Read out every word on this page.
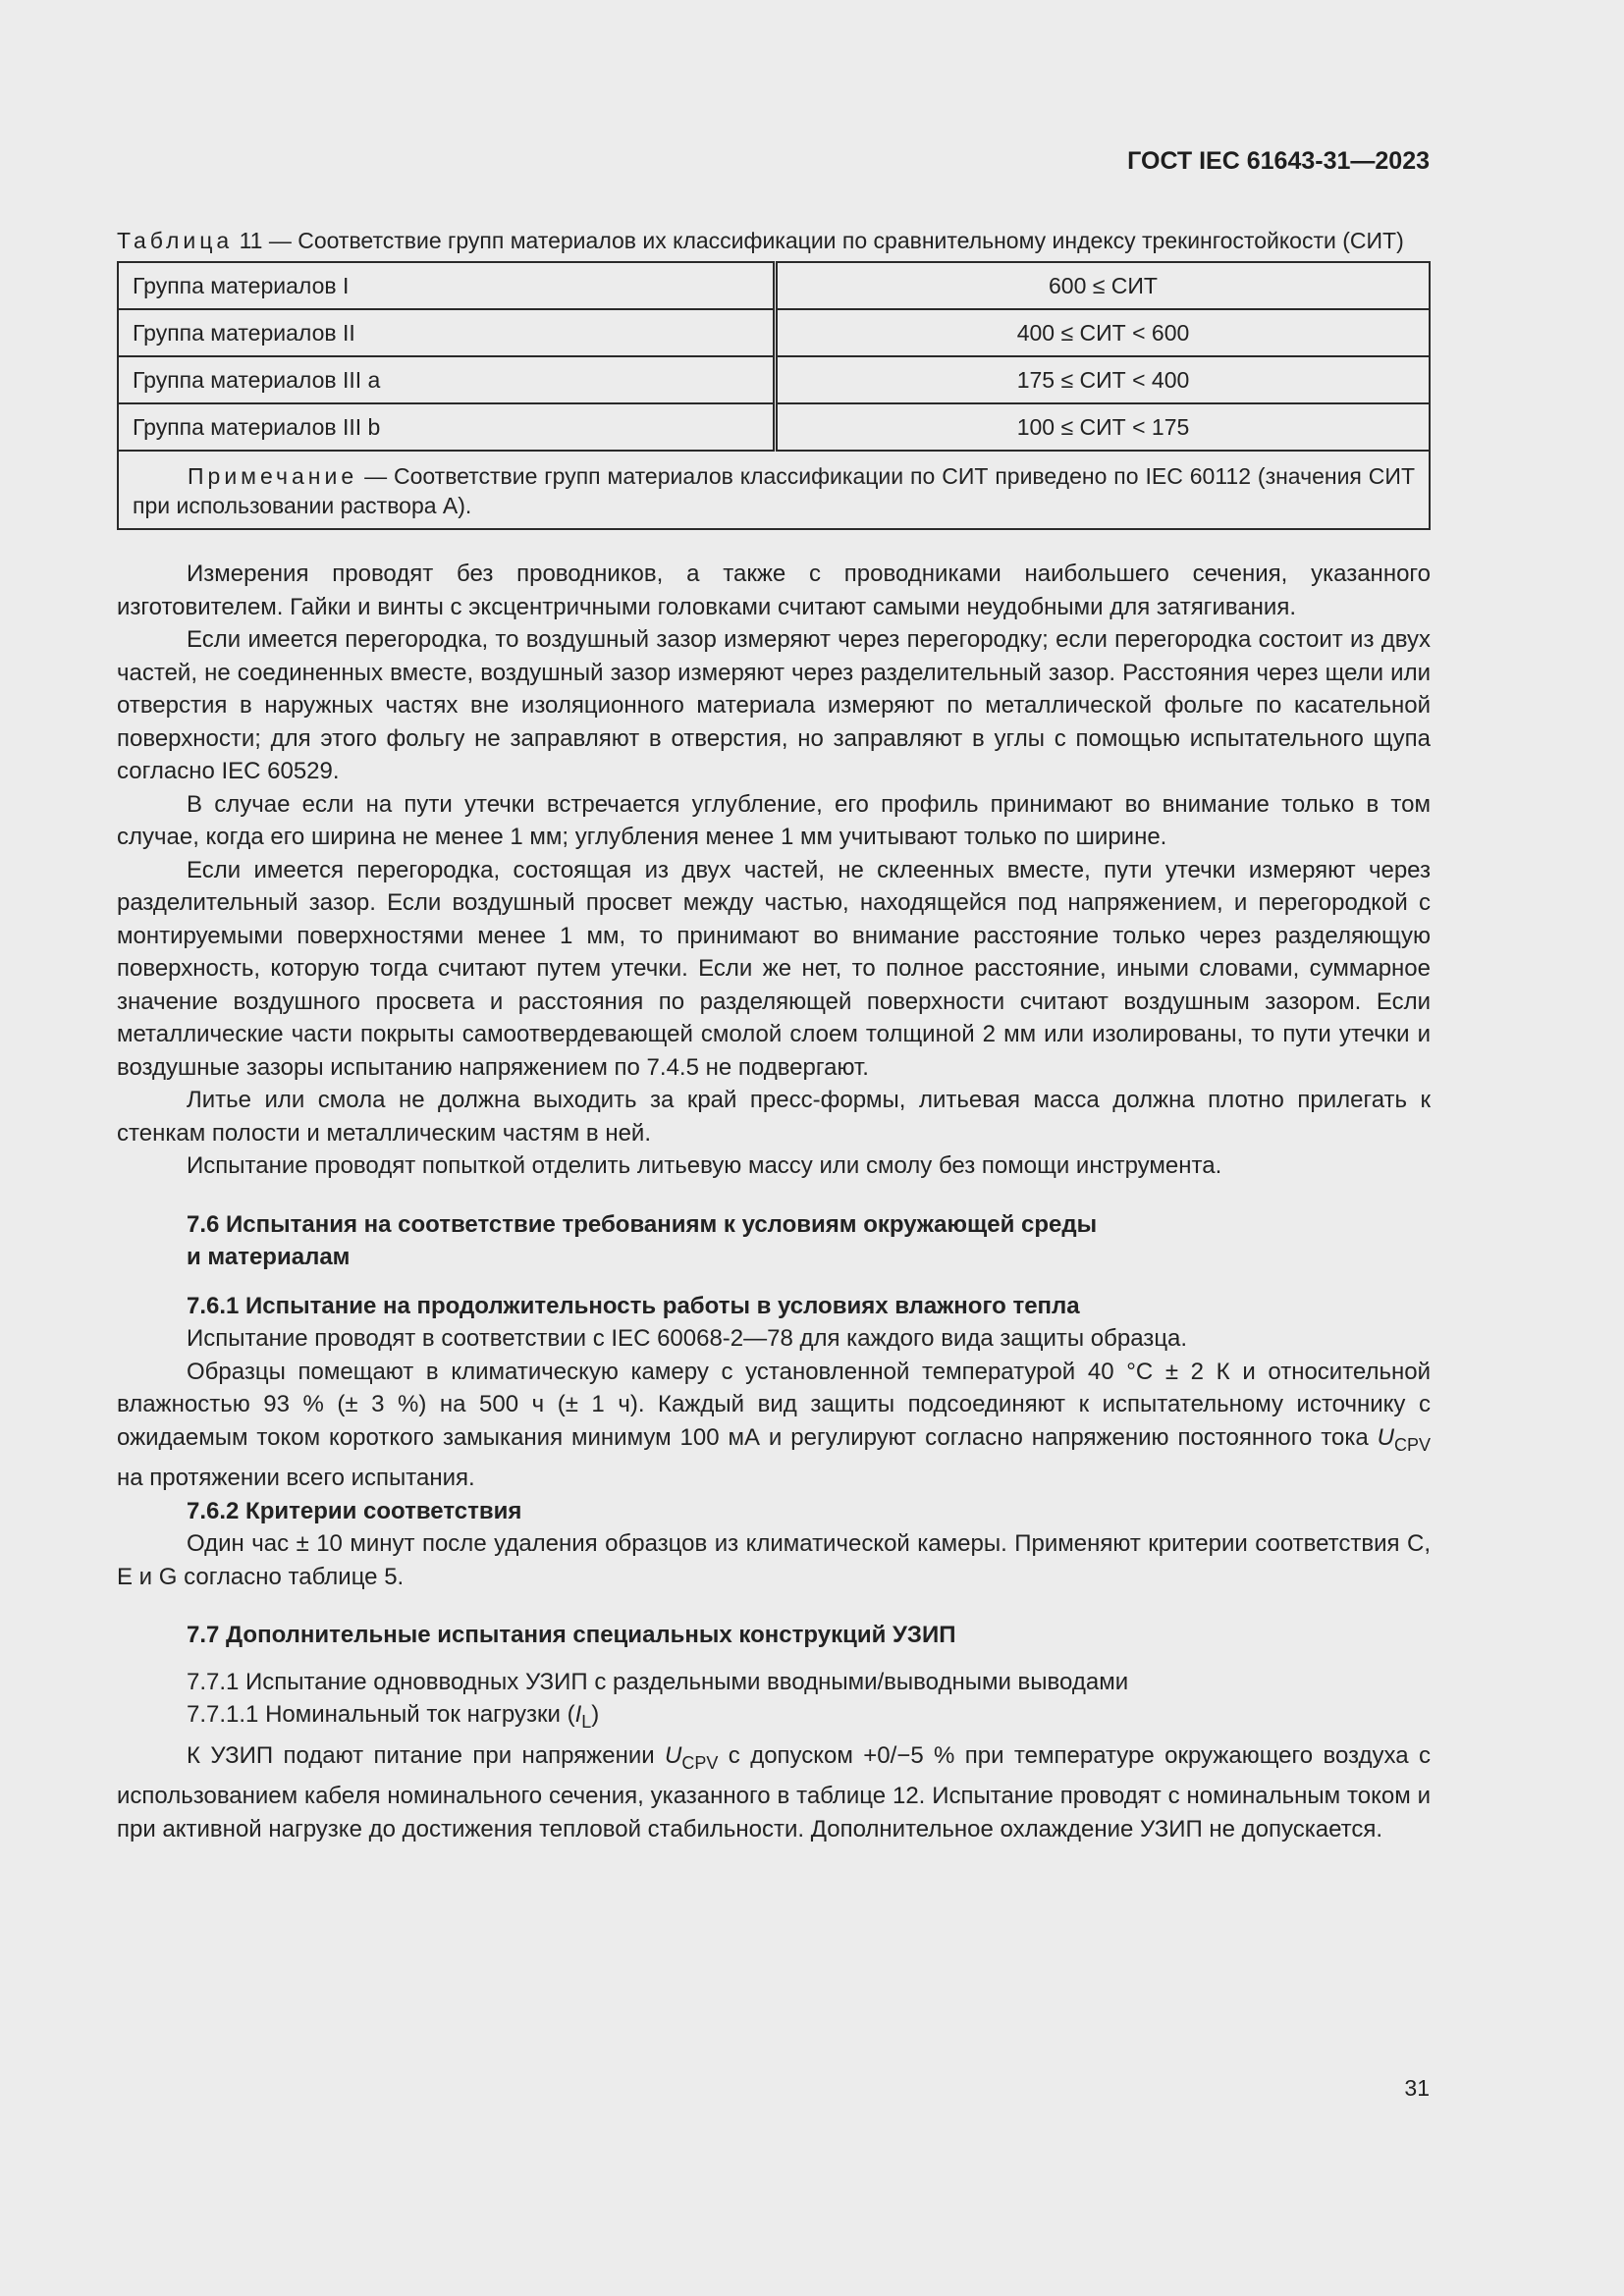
ГОСТ IEC 61643-31—2023

Таблица 11 — Соответствие групп материалов их классификации по сравнительному индексу трекингостойкости (СИТ)

Группа материалов I	600 ≤ СИТ
Группа материалов II	400 ≤ СИТ < 600
Группа материалов III a	175 ≤ СИТ < 400
Группа материалов III b	100 ≤ СИТ < 175

Примечание — Соответствие групп материалов классификации по СИТ приведено по IEC 60112 (значения СИТ при использовании раствора А).	

Измерения проводят без проводников, а также с проводниками наибольшего сечения, указанного изготовителем. Гайки и винты с эксцентричными головками считают самыми неудобными для затягивания.

Если имеется перегородка, то воздушный зазор измеряют через перегородку; если перегородка состоит из двух частей, не соединенных вместе, воздушный зазор измеряют через разделительный зазор. Расстояния через щели или отверстия в наружных частях вне изоляционного материала измеряют по металлической фольге по касательной поверхности; для этого фольгу не заправляют в отверстия, но заправляют в углы с помощью испытательного щупа согласно IEC 60529.

В случае если на пути утечки встречается углубление, его профиль принимают во внимание только в том случае, когда его ширина не менее 1 мм; углубления менее 1 мм учитывают только по ширине.

Если имеется перегородка, состоящая из двух частей, не склеенных вместе, пути утечки измеряют через разделительный зазор. Если воздушный просвет между частью, находящейся под напряжением, и перегородкой с монтируемыми поверхностями менее 1 мм, то принимают во внимание расстояние только через разделяющую поверхность, которую тогда считают путем утечки. Если же нет, то полное расстояние, иными словами, суммарное значение воздушного просвета и расстояния по разделяющей поверхности считают воздушным зазором. Если металлические части покрыты самоотвердевающей смолой слоем толщиной 2 мм или изолированы, то пути утечки и воздушные зазоры испытанию напряжением по 7.4.5 не подвергают.

Литье или смола не должна выходить за край пресс-формы, литьевая масса должна плотно прилегать к стенкам полости и металлическим частям в ней.

Испытание проводят попыткой отделить литьевую массу или смолу без помощи инструмента.

7.6 Испытания на соответствие требованиям к условиям окружающей среды
и материалам

7.6.1 Испытание на продолжительность работы в условиях влажного тепла

Испытание проводят в соответствии с IEC 60068-2—78 для каждого вида защиты образца.

Образцы помещают в климатическую камеру с установленной температурой 40 °С ± 2 К и относительной влажностью 93 % (± 3 %) на 500 ч (± 1 ч). Каждый вид защиты подсоединяют к испытательному источнику с ожидаемым током короткого замыкания минимум 100 мА и регулируют согласно напряжению постоянного тока $U_{CPV}$ на протяжении всего испытания.

7.6.2 Критерии соответствия

Один час ± 10 минут после удаления образцов из климатической камеры. Применяют критерии соответствия С, Е и G согласно таблице 5.

7.7 Дополнительные испытания специальных конструкций УЗИП

7.7.1 Испытание одновводных УЗИП с раздельными вводными/выводными выводами

7.7.1.1 Номинальный ток нагрузки $(I_L)$

К УЗИП подают питание при напряжении $U_{CPV}$ с допуском +0/−5 % при температуре окружающего воздуха с использованием кабеля номинального сечения, указанного в таблице 12. Испытание проводят с номинальным током и при активной нагрузке до достижения тепловой стабильности. Дополнительное охлаждение УЗИП не допускается.

31
